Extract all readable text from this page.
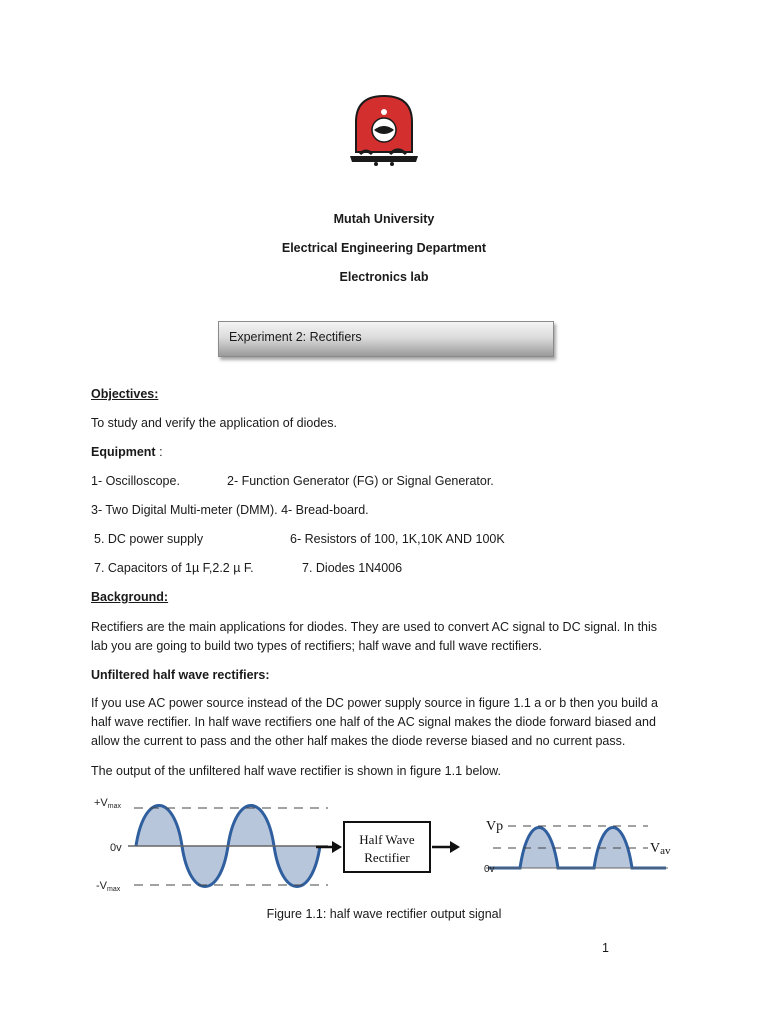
Mutah University
Electrical Engineering Department
Electronics lab
Experiment 2: Rectifiers
Objectives:
To study and verify the application of diodes.
Equipment :
1- Oscilloscope.	2- Function Generator (FG) or Signal Generator.
3- Two Digital Multi-meter (DMM). 4- Bread-board.
5. DC power supply	6- Resistors of 100, 1K,10K AND 100K
7. Capacitors of 1µ F,2.2 µ F.	7. Diodes 1N4006
Background:
Rectifiers are the main applications for diodes. They are used to convert AC signal to DC signal. In this
lab you are going to build two types of rectifiers; half wave and full wave rectifiers.
Unfiltered half wave rectifiers:
If you use AC power source instead of the DC power supply source in figure 1.1 a or b then you build a
half wave rectifier. In half wave rectifiers one half of the AC signal makes the diode forward biased and
allow the current to pass and the other half makes the diode reverse biased and no current pass.
The output of the unfiltered half wave rectifier is shown in figure 1.1 below.
+Vmax
0v
-Vmax
Half Wave
Rectifier
Vp
Vav
0v
Figure 1.1: half wave rectifier output signal
1
